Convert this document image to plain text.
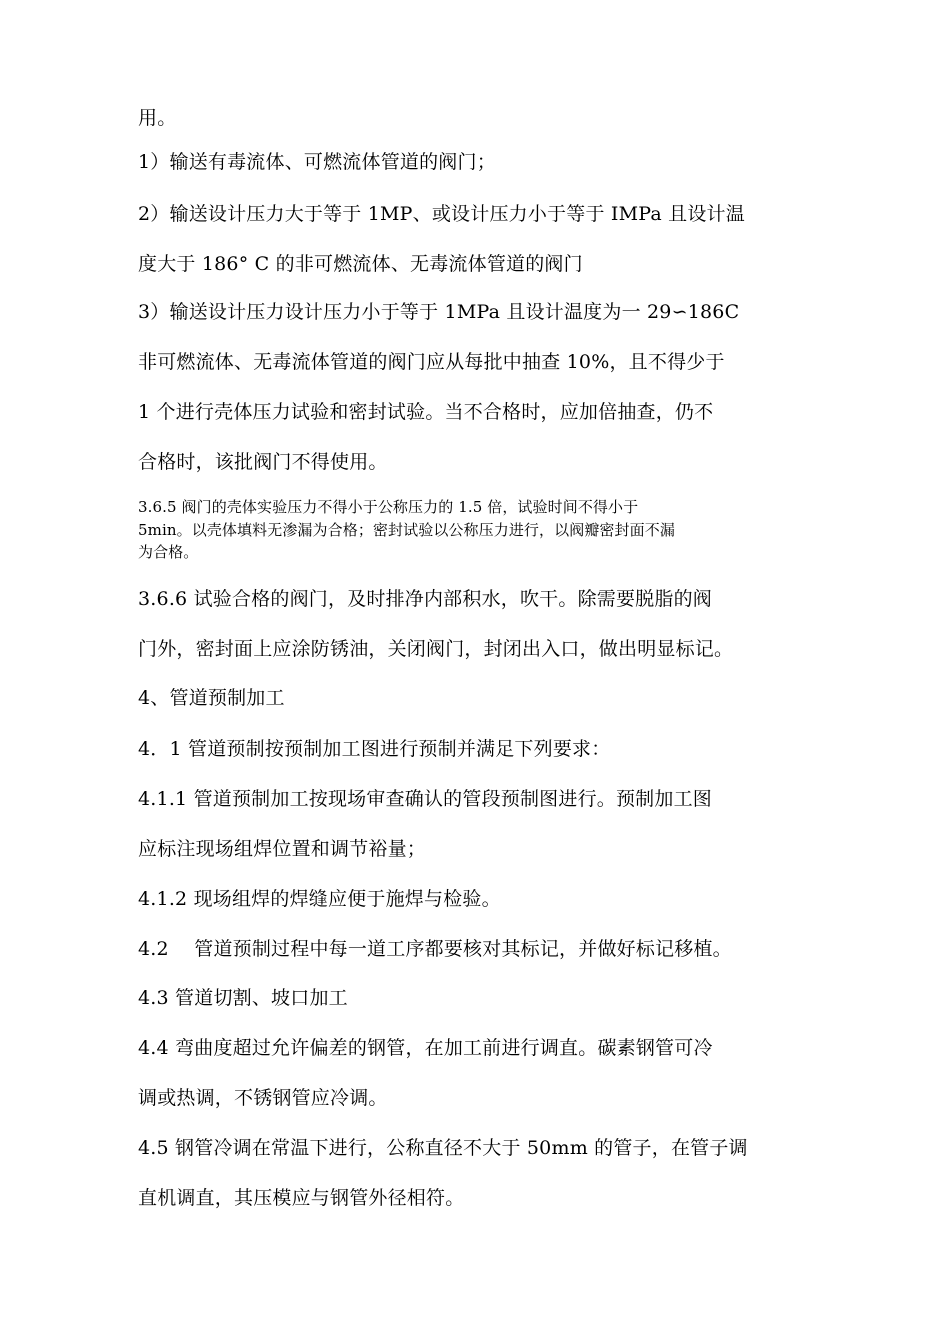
用。
1）输送有毒流体、可燃流体管道的阀门；
2）输送设计压力大于等于 1MP、或设计压力小于等于 IMPa 且设计温
度大于 186° C 的非可燃流体、无毒流体管道的阀门
3）输送设计压力设计压力小于等于 1MPa 且设计温度为一 29∽186C
非可燃流体、无毒流体管道的阀门应从每批中抽查 10%，且不得少于
1 个进行壳体压力试验和密封试验。当不合格时，应加倍抽查，仍不
合格时，该批阀门不得使用。
3.6.5 阀门的壳体实验压力不得小于公称压力的 1.5 倍，试验时间不得小于
5min。以壳体填料无渗漏为合格；密封试验以公称压力进行，以阀瓣密封面不漏
为合格。
3.6.6 试验合格的阀门，及时排净内部积水，吹干。除需要脱脂的阀
门外，密封面上应涂防锈油，关闭阀门，封闭出入口，做出明显标记。
4、管道预制加工
4．1 管道预制按预制加工图进行预制并满足下列要求：
4.1.1 管道预制加工按现场审查确认的管段预制图进行。预制加工图
应标注现场组焊位置和调节裕量；
4.1.2 现场组焊的焊缝应便于施焊与检验。
4.2　 管道预制过程中每一道工序都要核对其标记，并做好标记移植。
4.3 管道切割、坡口加工
4.4 弯曲度超过允许偏差的钢管，在加工前进行调直。碳素钢管可冷
调或热调，不锈钢管应冷调。
4.5 钢管冷调在常温下进行，公称直径不大于 50mm 的管子，在管子调
直机调直，其压模应与钢管外径相符。
